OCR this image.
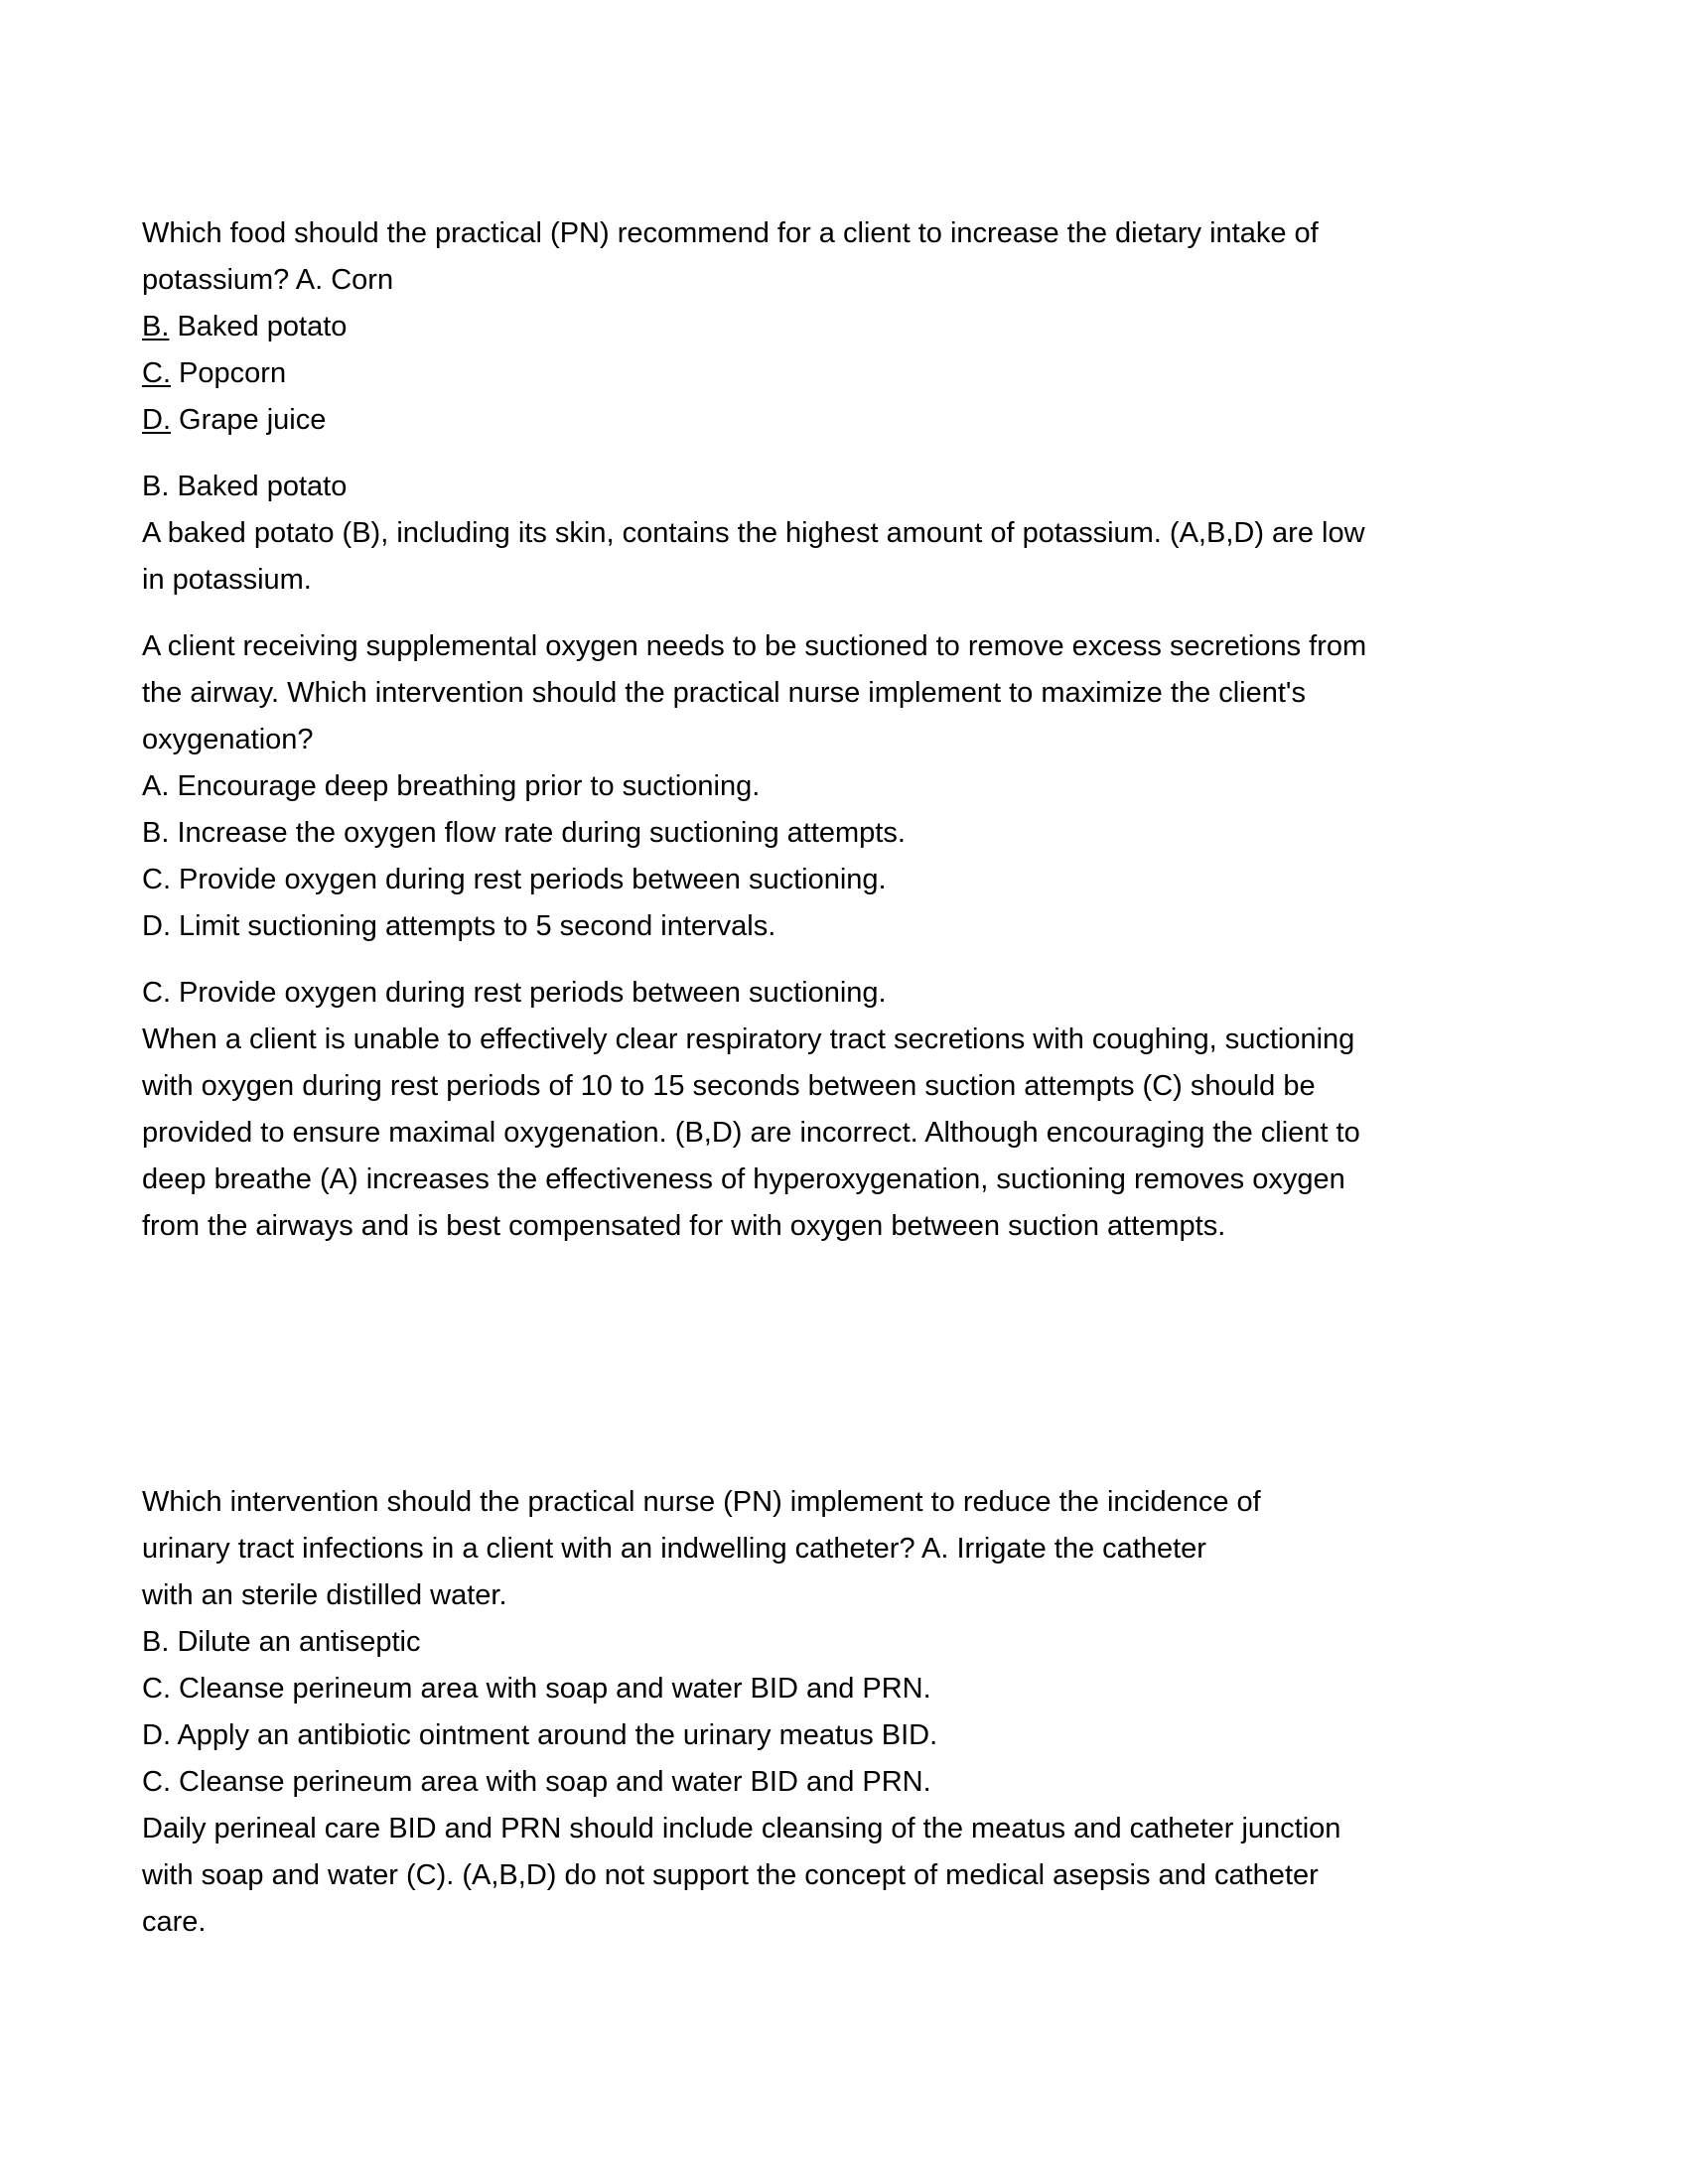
Which food should the practical (PN) recommend for a client to increase the dietary intake of
potassium? A. Corn
B. Baked potato
C. Popcorn
D. Grape juice
B. Baked potato
A baked potato (B), including its skin, contains the highest amount of potassium. (A,B,D) are low
in potassium.
A client receiving supplemental oxygen needs to be suctioned to remove excess secretions from
the airway. Which intervention should the practical nurse implement to maximize the client's
oxygenation?
A. Encourage deep breathing prior to suctioning.
B. Increase the oxygen flow rate during suctioning attempts.
C. Provide oxygen during rest periods between suctioning.
D. Limit suctioning attempts to 5 second intervals.
C. Provide oxygen during rest periods between suctioning.
When a client is unable to effectively clear respiratory tract secretions with coughing, suctioning
with oxygen during rest periods of 10 to 15 seconds between suction attempts (C) should be
provided to ensure maximal oxygenation. (B,D) are incorrect. Although encouraging the client to
deep breathe (A) increases the effectiveness of hyperoxygenation, suctioning removes oxygen
from the airways and is best compensated for with oxygen between suction attempts.
Which intervention should the practical nurse (PN) implement to reduce the incidence of
urinary tract infections in a client with an indwelling catheter? A. Irrigate the catheter
with an sterile distilled water.
B. Dilute an antiseptic
C. Cleanse perineum area with soap and water BID and PRN.
D. Apply an antibiotic ointment around the urinary meatus BID.
C. Cleanse perineum area with soap and water BID and PRN.
Daily perineal care BID and PRN should include cleansing of the meatus and catheter junction
with soap and water (C). (A,B,D) do not support the concept of medical asepsis and catheter
care.
